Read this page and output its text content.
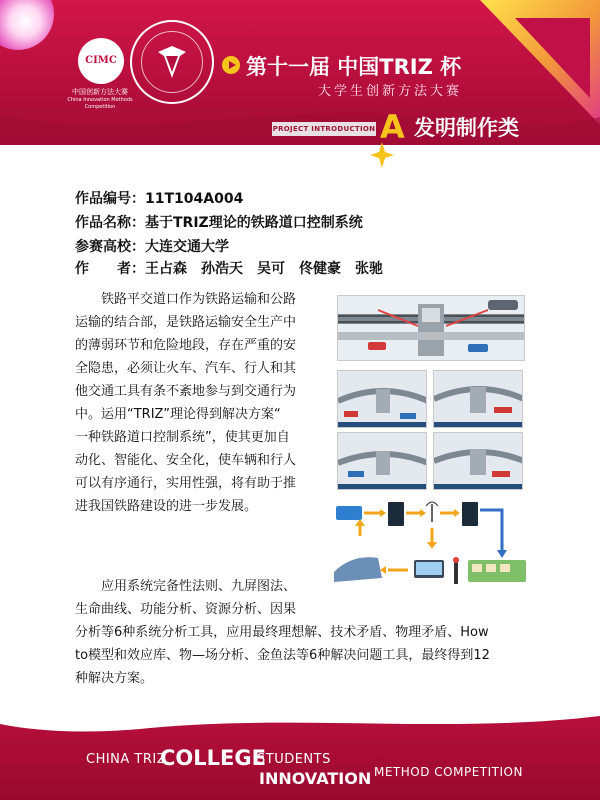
CIMC
中国创新方法大赛
China Innovation Methods Competition
第十一届 中国TRIZ 杯
大学生创新方法大赛
PROJECT INTRODUCTION A 发明制作类
作品编号：11T104A004
作品名称：基于TRIZ理论的铁路道口控制系统
参赛高校：大连交通大学
作　　者：王占森　孙浩天　吴可　佟健豪　张驰
　　铁路平交道口作为铁路运输和公路
运输的结合部，是铁路运输安全生产中
的薄弱环节和危险地段，存在严重的安
全隐患，必须让火车、汽车、行人和其
他交通工具有条不紊地参与到交通行为
中。运用“TRIZ”理论得到解决方案“
一种铁路道口控制系统”，使其更加自
动化、智能化、安全化，使车辆和行人
可以有序通行，实用性强，将有助于推
进我国铁路建设的进一步发展。
　　应用系统完备性法则、九屏图法、
生命曲线、功能分析、资源分析、因果
分析等6种系统分析工具，应用最终理想解、技术矛盾、物理矛盾、How
to模型和效应库、物—场分析、金鱼法等6种解决问题工具，最终得到12
种解决方案。
CHINA TRIZ
COLLEGE
STUDENTS
INNOVATION METHOD COMPETITION
